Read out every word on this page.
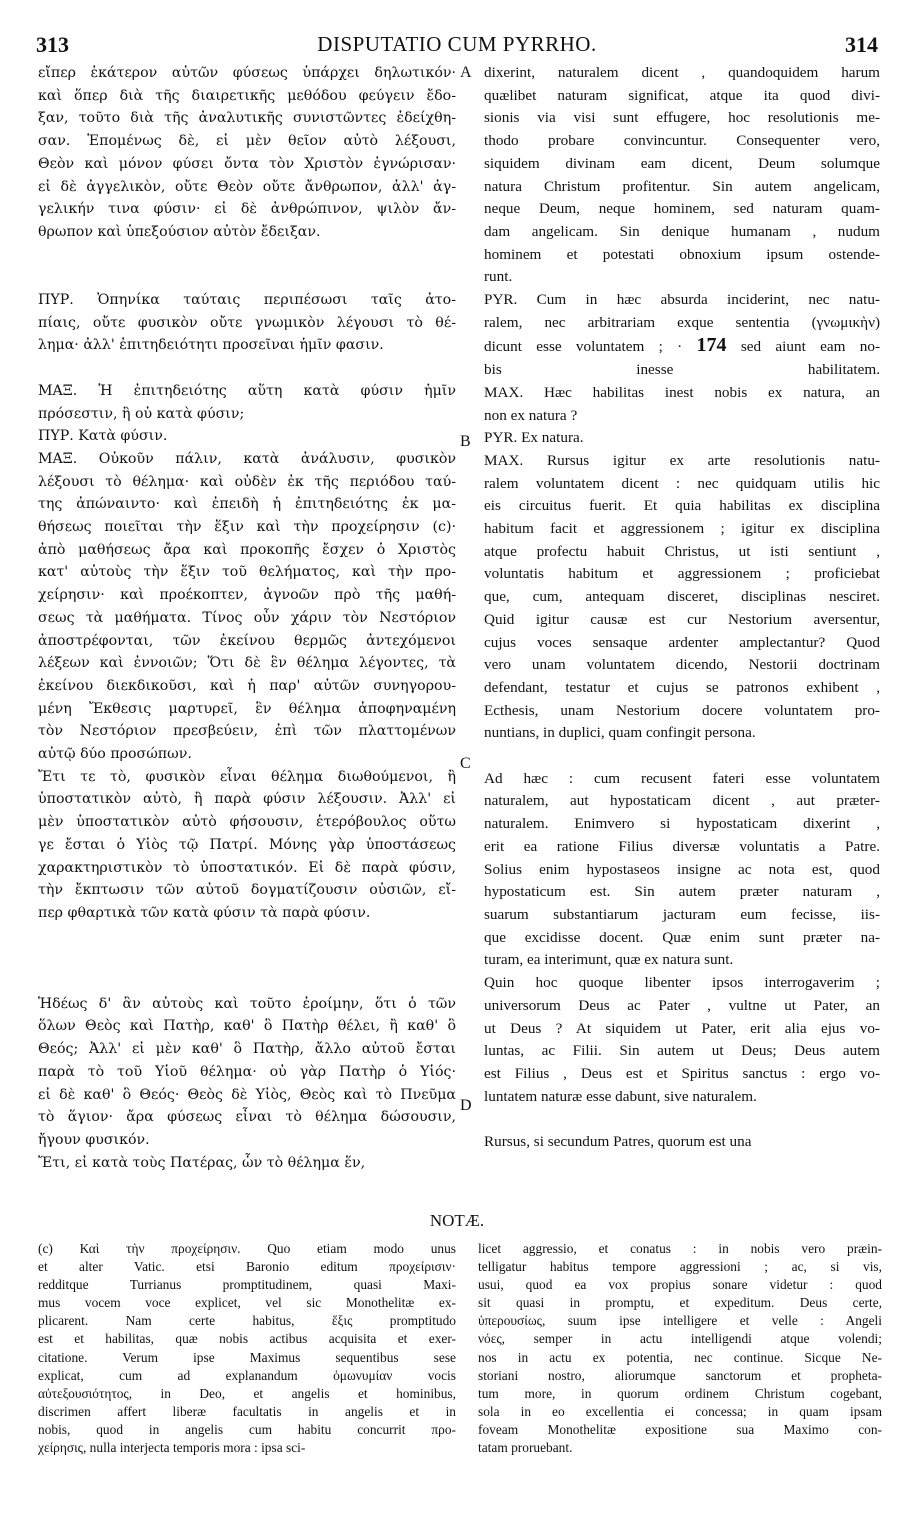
313	DISPUTATIO CUM PYRRHO.	314
εἴπερ ἑκάτερον αὐτῶν φύσεως ὑπάρχει δηλωτικόν·
καὶ ὅπερ διὰ τῆς διαιρετικῆς μεθόδου φεύγειν ἔδο-
ξαν, τοῦτο διὰ τῆς ἀναλυτικῆς συνιστῶντες ἐδείχθη-
σαν. Ἑπομένως δὲ, εἰ μὲν θεῖον αὐτὸ λέξουσι,
Θεὸν καὶ μόνον φύσει ὄντα τὸν Χριστὸν ἐγνώρισαν·
εἰ δὲ ἀγγελικὸν, οὔτε Θεὸν οὔτε ἄνθρωπον, ἀλλ' ἀγ-
γελικήν τινα φύσιν· εἰ δὲ ἀνθρώπινον, ψιλὸν ἄν-
θρωπον καὶ ὑπεξούσιον αὐτὸν ἔδειξαν.
ΠΥΡ. Ὁπηνίκα ταύταις περιπέσωσι ταῖς ἀτο-
πίαις, οὔτε φυσικὸν οὔτε γνωμικὸν λέγουσι τὸ θέ-
λημα· ἀλλ' ἐπιτηδειότητι προσεῖναι ἡμῖν φασιν.
ΜΑΞ. Ἡ ἐπιτηδειότης αὕτη κατὰ φύσιν ἡμῖν
πρόσεστιν, ἢ οὐ κατὰ φύσιν;
ΠΥΡ. Κατὰ φύσιν.
ΜΑΞ. Οὐκοῦν πάλιν, κατὰ ἀνάλυσιν, φυσικὸν
λέξουσι τὸ θέλημα· καὶ οὐδὲν ἐκ τῆς περιόδου ταύ-
της ἀπώναιντο· καὶ ἐπειδὴ ἡ ἐπιτηδειότης ἐκ μα-
θήσεως ποιεῖται τὴν ἕξιν καὶ τὴν προχείρησιν (c)·
ἀπὸ μαθήσεως ἄρα καὶ προκοπῆς ἔσχεν ὁ Χριστὸς
κατ' αὐτοὺς τὴν ἕξιν τοῦ θελήματος, καὶ τὴν προ-
χείρησιν· καὶ προέκοπτεν, ἀγνοῶν πρὸ τῆς μαθή-
σεως τὰ μαθήματα. Τίνος οὖν χάριν τὸν Νεστόριον
ἀποστρέφονται, τῶν ἐκείνου θερμῶς ἀντεχόμενοι
λέξεων καὶ ἐννοιῶν; Ὅτι δὲ ἓν θέλημα λέγοντες, τὰ
ἐκείνου διεκδικοῦσι, καὶ ἡ παρ' αὐτῶν συνηγορου-
μένη Ἔκθεσις μαρτυρεῖ, ἓν θέλημα ἀποφηναμένη
τὸν Νεστόριον πρεσβεύειν, ἐπὶ τῶν πλαττομένων
αὐτῷ δύο προσώπων.
Ἔτι τε τὸ, φυσικὸν εἶναι θέλημα διωθούμενοι, ἢ
ὑποστατικὸν αὐτὸ, ἢ παρὰ φύσιν λέξουσιν. Ἀλλ' εἰ
μὲν ὑποστατικὸν αὐτὸ φήσουσιν, ἑτερόβουλος οὕτω
γε ἔσται ὁ Υἱὸς τῷ Πατρί. Μόνης γὰρ ὑποστάσεως
χαρακτηριστικὸν τὸ ὑποστατικόν. Εἰ δὲ παρὰ φύσιν,
τὴν ἔκπτωσιν τῶν αὐτοῦ δογματίζουσιν οὐσιῶν, εἴ-
περ φθαρτικὰ τῶν κατὰ φύσιν τὰ παρὰ φύσιν.
Ἡδέως δ' ἂν αὐτοὺς καὶ τοῦτο ἐροίμην, ὅτι ὁ τῶν
ὅλων Θεὸς καὶ Πατὴρ, καθ' ὃ Πατὴρ θέλει, ἢ καθ' ὃ
Θεός; Ἀλλ' εἰ μὲν καθ' ὃ Πατὴρ, ἄλλο αὐτοῦ ἔσται
παρὰ τὸ τοῦ Υἱοῦ θέλημα· οὐ γὰρ Πατὴρ ὁ Υἱός·
εἰ δὲ καθ' ὃ Θεός· Θεὸς δὲ Υἱὸς, Θεὸς καὶ τὸ Πνεῦμα
τὸ ἅγιον· ἄρα φύσεως εἶναι τὸ θέλημα δώσουσιν,
ἤγουν φυσικόν.
Ἔτι, εἰ κατὰ τοὺς Πατέρας, ὧν τὸ θέλημα ἕν,
dixerint, naturalem dicent , quandoquidem harum
quælibet naturam significat, atque ita quod divi-
sionis via visi sunt effugere, hoc resolutionis me-
thodo probare convincuntur. Consequenter vero,
siquidem divinam eam dicent, Deum solumque
natura Christum profitentur. Sin autem angelicam,
neque Deum, neque hominem, sed naturam quam-
dam angelicam. Sin denique humanam , nudum
hominem et potestati obnoxium ipsum ostende-
runt.
PYR. Cum in hæc absurda inciderint, nec natu-
ralem, nec arbitrariam exque sententia (γνωμικὴν)
dicunt esse voluntatem ; · 174 sed aiunt eam no-
bis inesse habilitatem.
MAX. Hæc habilitas inest nobis ex natura, an
non ex natura ?
PYR. Ex natura.
MAX. Rursus igitur ex arte resolutionis natu-
ralem voluntatem dicent : nec quidquam utilis hic
eis circuitus fuerit. Et quia habilitas ex disciplina
habitum facit et aggressionem ; igitur ex disciplina
atque profectu habuit Christus, ut isti sentiunt ,
voluntatis habitum et aggressionem ; proficiebat
que, cum, antequam disceret, disciplinas nesciret.
Quid igitur causæ est cur Nestorium aversentur,
cujus voces sensaque ardenter amplectantur? Quod
vero unam voluntatem dicendo, Nestorii doctrinam
defendant, testatur et cujus se patronos exhibent ,
Ecthesis, unam Nestorium docere voluntatem pro-
nuntians, in duplici, quam confingit persona.
Ad hæc : cum recusent fateri esse voluntatem
naturalem, aut hypostaticam dicent , aut præter-
naturalem. Enimvero si hypostaticam dixerint ,
erit ea ratione Filius diversæ voluntatis a Patre.
Solius enim hypostaseos insigne ac nota est, quod
hypostaticum est. Sin autem præter naturam ,
suarum substantiarum jacturam eum fecisse, iis-
que excidisse docent. Quæ enim sunt præter na-
turam, ea interimunt, quæ ex natura sunt.
Quin hoc quoque libenter ipsos interrogaverim ;
universorum Deus ac Pater , vultne ut Pater, an
ut Deus ? At siquidem ut Pater, erit alia ejus vo-
luntas, ac Filii. Sin autem ut Deus; Deus autem
est Filius , Deus est et Spiritus sanctus : ergo vo-
luntatem naturæ esse dabunt, sive naturalem.
Rursus, si secundum Patres, quorum est una
A
B
C
D
NOTÆ.
(c) Καὶ τὴν προχείρησιν. Quo etiam modo unus
et alter Vatic. etsi Baronio editum προχείρισιν·
redditque Turrianus promptitudinem, quasi Maxi-
mus vocem voce explicet, vel sic Monothelitæ ex-
plicarent. Nam certe habitus, ἕξις promptitudo
est et habilitas, quæ nobis actibus acquisita et exer-
citatione. Verum ipse Maximus sequentibus sese
explicat, cum ad explanandum ὁμωνυμίαν vocis
αὐτεξουσιότητος, in Deo, et angelis et hominibus,
discrimen affert liberæ facultatis in angelis et in
nobis, quod in angelis cum habitu concurrit προ-
χείρησις, nulla interjecta temporis mora : ipsa sci-
licet aggressio, et conatus : in nobis vero præin-
telligatur habitus tempore aggressioni ; ac, si vis,
usui, quod ea vox propius sonare videtur : quod
sit quasi in promptu, et expeditum. Deus certe,
ὑπερουσίως, suum ipse intelligere et velle : Angeli
νόες, semper in actu intelligendi atque volendi;
nos in actu ex potentia, nec continue. Sicque Ne-
storiani nostro, aliorumque sanctorum et propheta-
tum more, in quorum ordinem Christum cogebant,
sola in eo excellentia ei concessa; in quam ipsam
foveam Monothelitæ expositione sua Maximo con-
tatam proruebant.
